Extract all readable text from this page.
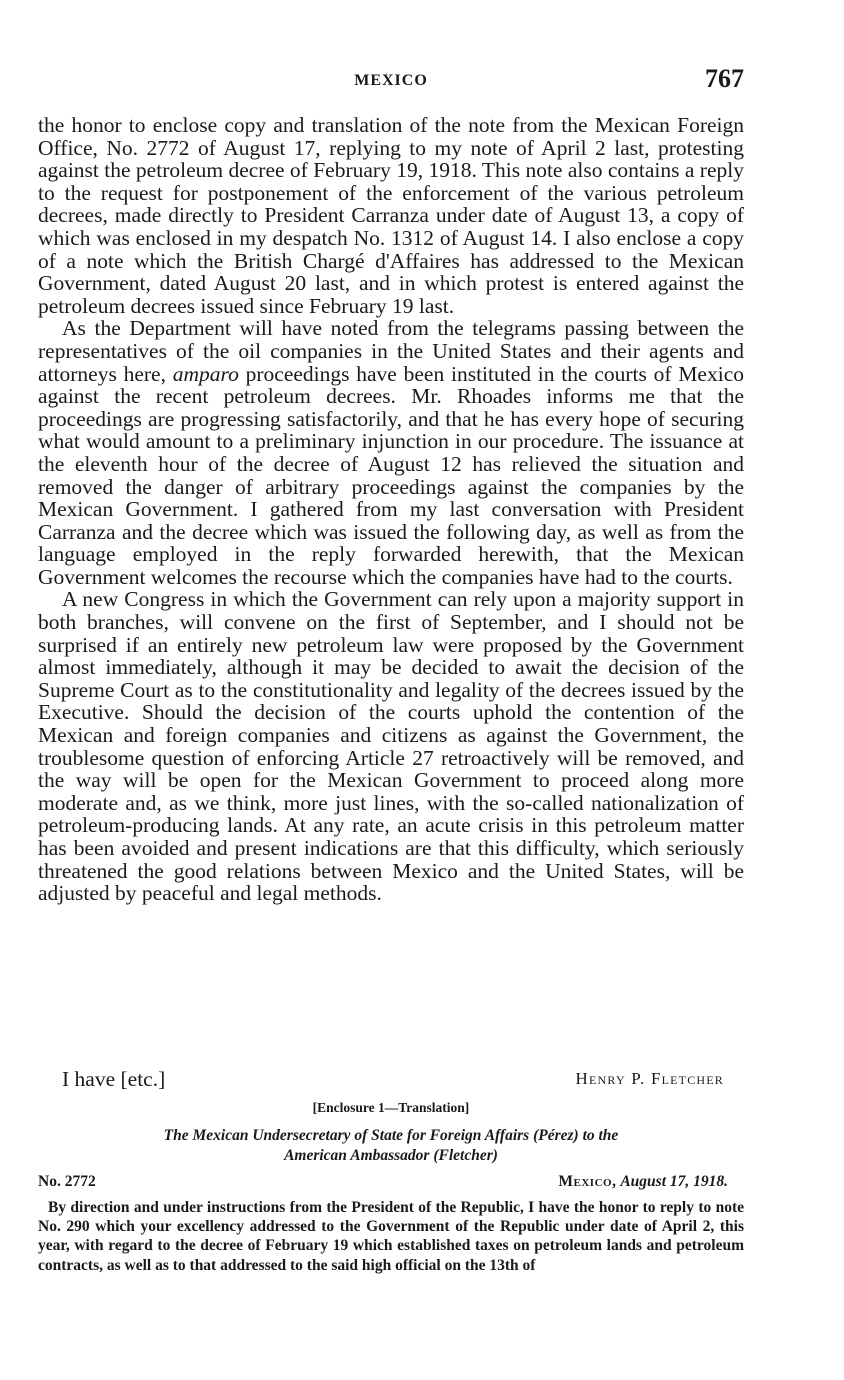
MEXICO	767

the honor to enclose copy and translation of the note from the Mexican Foreign Office, No. 2772 of August 17, replying to my note of April 2 last, protesting against the petroleum decree of February 19, 1918. This note also contains a reply to the request for postponement of the enforcement of the various petroleum decrees, made directly to President Carranza under date of August 13, a copy of which was enclosed in my despatch No. 1312 of August 14. I also enclose a copy of a note which the British Chargé d'Affaires has addressed to the Mexican Government, dated August 20 last, and in which protest is entered against the petroleum decrees issued since February 19 last.

As the Department will have noted from the telegrams passing between the representatives of the oil companies in the United States and their agents and attorneys here, amparo proceedings have been instituted in the courts of Mexico against the recent petroleum decrees. Mr. Rhoades informs me that the proceedings are progressing satisfactorily, and that he has every hope of securing what would amount to a preliminary injunction in our procedure. The issuance at the eleventh hour of the decree of August 12 has relieved the situation and removed the danger of arbitrary proceedings against the companies by the Mexican Government. I gathered from my last conversation with President Carranza and the decree which was issued the following day, as well as from the language employed in the reply forwarded herewith, that the Mexican Government welcomes the recourse which the companies have had to the courts.

A new Congress in which the Government can rely upon a majority support in both branches, will convene on the first of September, and I should not be surprised if an entirely new petroleum law were proposed by the Government almost immediately, although it may be decided to await the decision of the Supreme Court as to the constitutionality and legality of the decrees issued by the Executive. Should the decision of the courts uphold the contention of the Mexican and foreign companies and citizens as against the Government, the troublesome question of enforcing Article 27 retroactively will be removed, and the way will be open for the Mexican Government to proceed along more moderate and, as we think, more just lines, with the so-called nationalization of petroleum-producing lands. At any rate, an acute crisis in this petroleum matter has been avoided and present indications are that this difficulty, which seriously threatened the good relations between Mexico and the United States, will be adjusted by peaceful and legal methods.

I have [etc.]	Henry P. Fletcher
[Enclosure 1—Translation]
The Mexican Undersecretary of State for Foreign Affairs (Pérez) to the
American Ambassador (Fletcher)
No. 2772	Mexico, August 17, 1918.

By direction and under instructions from the President of the Republic, I have the honor to reply to note No. 290 which your excellency addressed to the Government of the Republic under date of April 2, this year, with regard to the decree of February 19 which established taxes on petroleum lands and petroleum contracts, as well as to that addressed to the said high official on the 13th of
